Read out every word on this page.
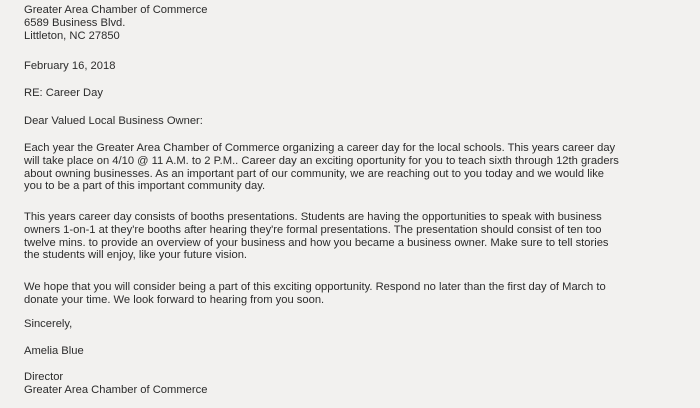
Greater Area Chamber of Commerce
6589 Business Blvd.
Littleton, NC 27850
February 16, 2018
RE: Career Day
Dear Valued Local Business Owner:
Each year the Greater Area Chamber of Commerce organizing a career day for the local schools. This years career day
will take place on 4/10 @ 11 A.M. to 2 P.M.. Career day an exciting oportunity for you to teach sixth through 12th graders
about owning businesses. As an important part of our community, we are reaching out to you today and we would like
you to be a part of this important community day.
This years career day consists of booths presentations. Students are having the opportunities to speak with business
owners 1-on-1 at they're booths after hearing they're formal presentations. The presentation should consist of ten too
twelve mins. to provide an overview of your business and how you became a business owner. Make sure to tell stories
the students will enjoy, like your future vision.
We hope that you will consider being a part of this exciting opportunity. Respond no later than the first day of March to
donate your time. We look forward to hearing from you soon.
Sincerely,
Amelia Blue
Director
Greater Area Chamber of Commerce
